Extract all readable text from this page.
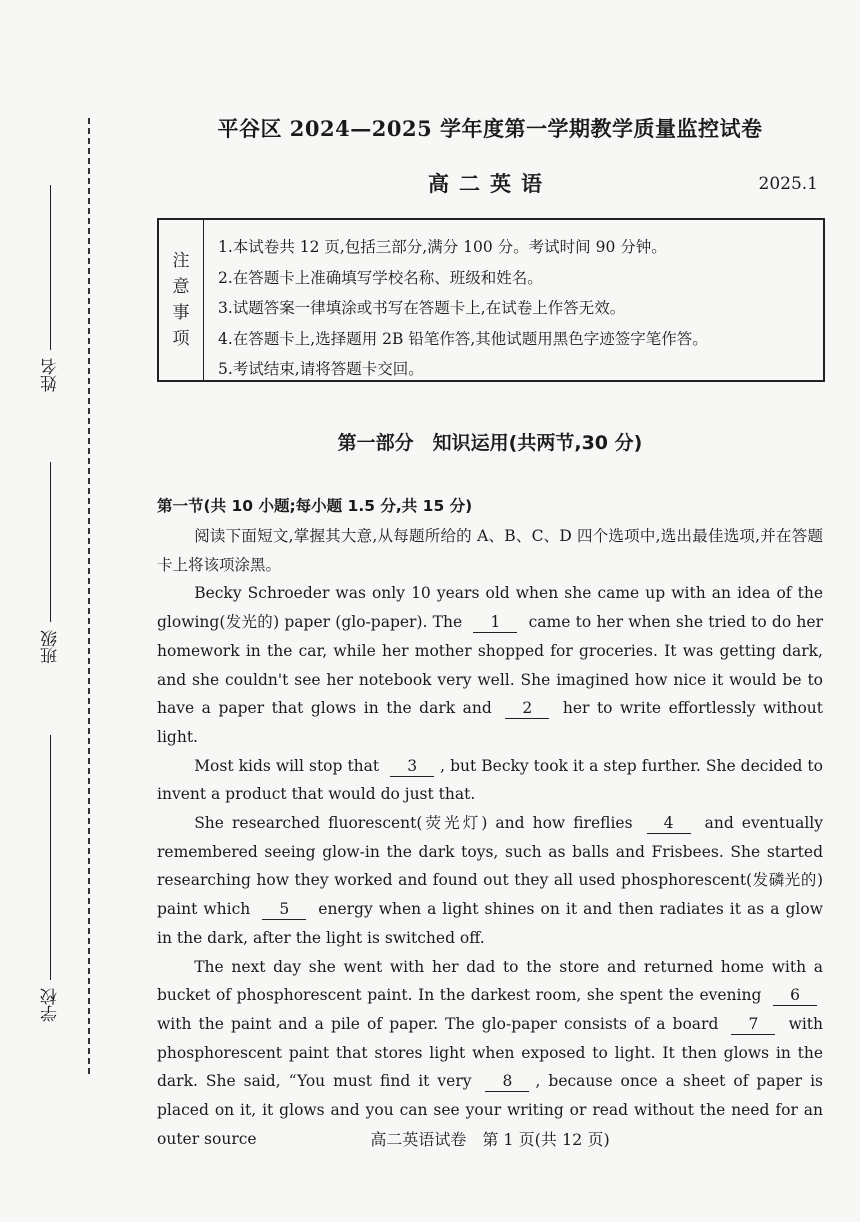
姓名
班级
学校
平谷区 2024—2025 学年度第一学期教学质量监控试卷
高二英语	2025.1
注
意
事
项
1.本试卷共 12 页,包括三部分,满分 100 分。考试时间 90 分钟。
2.在答题卡上准确填写学校名称、班级和姓名。
3.试题答案一律填涂或书写在答题卡上,在试卷上作答无效。
4.在答题卡上,选择题用 2B 铅笔作答,其他试题用黑色字迹签字笔作答。
5.考试结束,请将答题卡交回。
第一部分　知识运用(共两节,30 分)
第一节(共 10 小题;每小题 1.5 分,共 15 分)

阅读下面短文,掌握其大意,从每题所给的 A、B、C、D 四个选项中,选出最佳选项,并在答题卡上将该项涂黑。

Becky Schroeder was only 10 years old when she came up with an idea of the glowing(发光的) paper (glo-paper). The 1 came to her when she tried to do her homework in the car, while her mother shopped for groceries. It was getting dark, and she couldn't see her notebook very well. She imagined how nice it would be to have a paper that glows in the dark and 2 her to write effortlessly without light.

Most kids will stop that 3 , but Becky took it a step further. She decided to invent a product that would do just that.

She researched fluorescent(荧光灯) and how fireflies 4 and eventually remembered seeing glow-in the dark toys, such as balls and Frisbees. She started researching how they worked and found out they all used phosphorescent(发磷光的) paint which 5 energy when a light shines on it and then radiates it as a glow in the dark, after the light is switched off.

The next day she went with her dad to the store and returned home with a bucket of phosphorescent paint. In the darkest room, she spent the evening 6 with the paint and a pile of paper. The glo-paper consists of a board 7 with phosphorescent paint that stores light when exposed to light. It then glows in the dark. She said, “You must find it very 8 , because once a sheet of paper is placed on it, it glows and you can see your writing or read without the need for an outer source	高二英语试卷　第 1 页(共 12 页)
